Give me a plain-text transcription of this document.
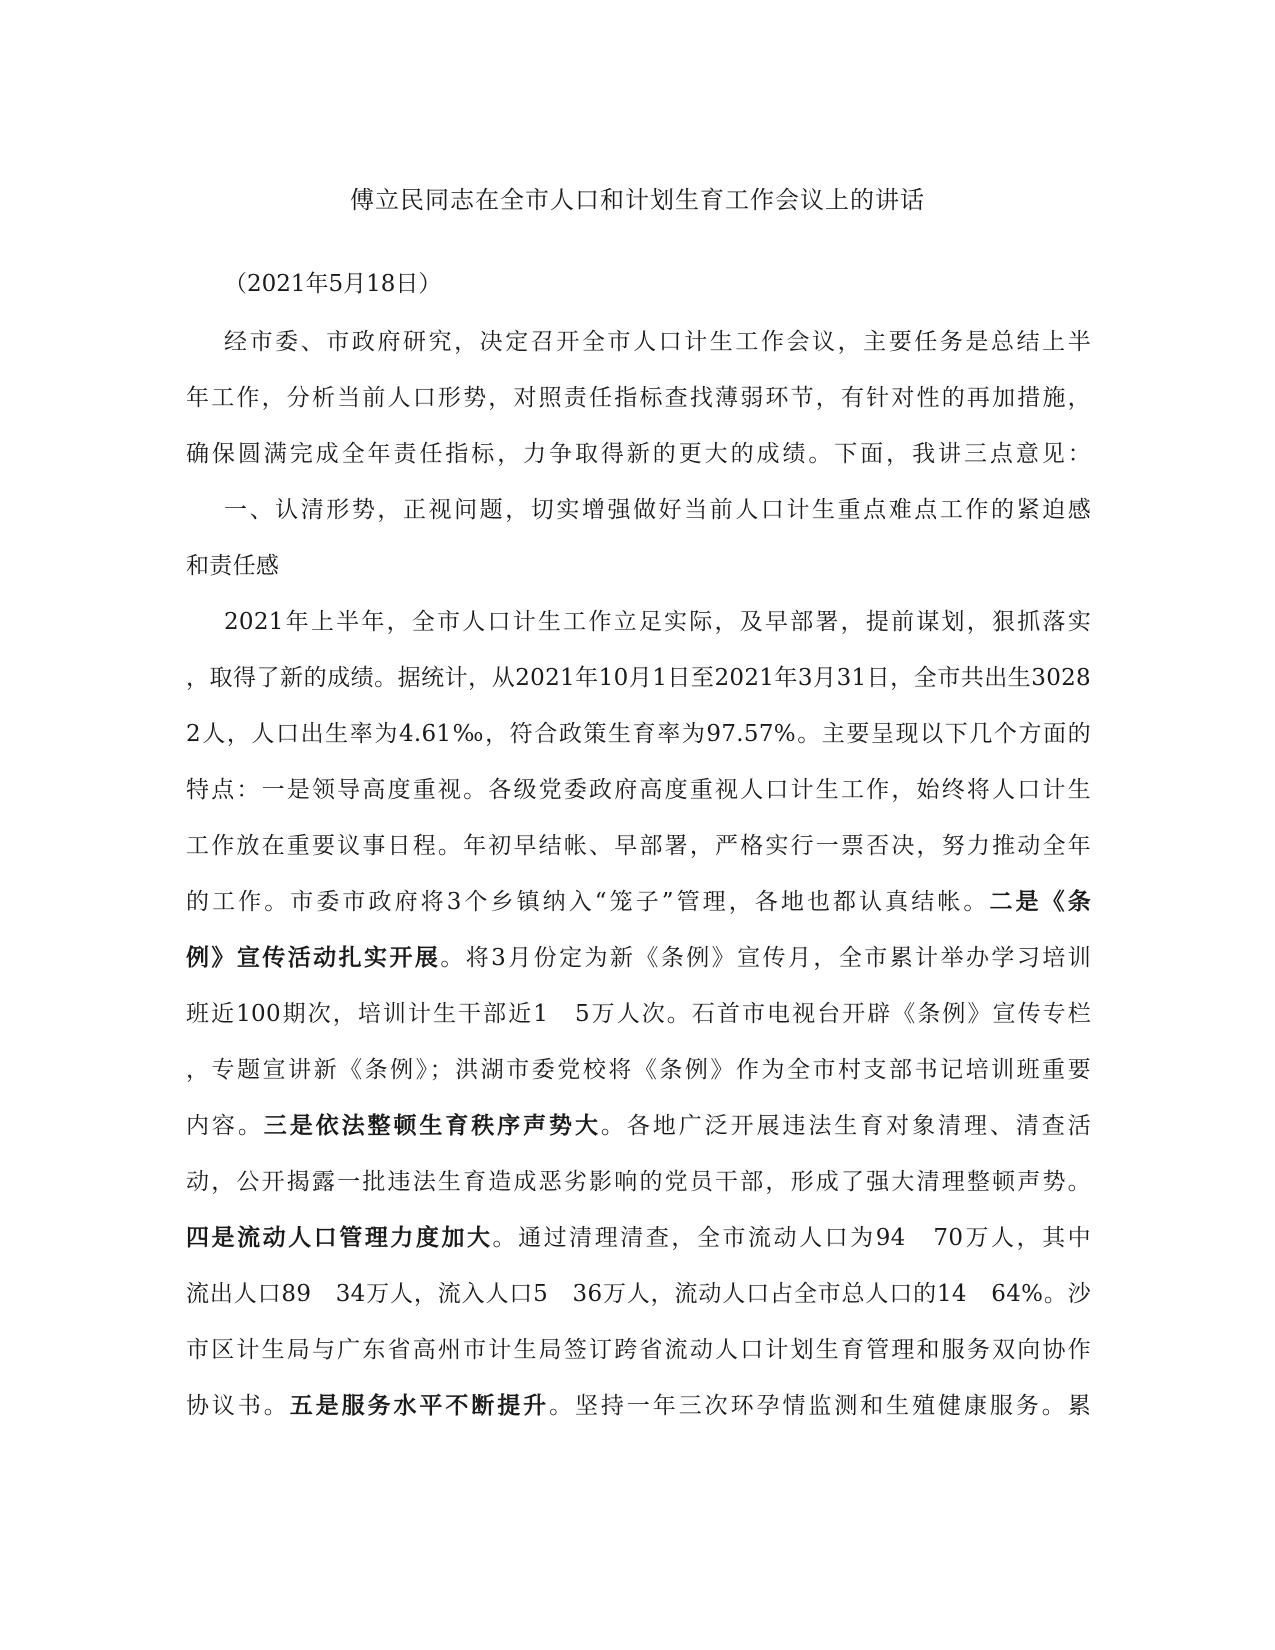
傅立民同志在全市人口和计划生育工作会议上的讲话

（2021年5月18日）

经市委、市政府研究，决定召开全市人口计生工作会议，主要任务是总结上半

年工作，分析当前人口形势，对照责任指标查找薄弱环节，有针对性的再加措施，

确保圆满完成全年责任指标，力争取得新的更大的成绩。下面，我讲三点意见：

一、认清形势，正视问题，切实增强做好当前人口计生重点难点工作的紧迫感

和责任感

2021年上半年，全市人口计生工作立足实际，及早部署，提前谋划，狠抓落实

，取得了新的成绩。据统计，从2021年10月1日至2021年3月31日，全市共出生3028

2人，人口出生率为4.61‰，符合政策生育率为97.57%。主要呈现以下几个方面的

特点：一是领导高度重视。各级党委政府高度重视人口计生工作，始终将人口计生

工作放在重要议事日程。年初早结帐、早部署，严格实行一票否决，努力推动全年

的工作。市委市政府将3个乡镇纳入“笼子”管理，各地也都认真结帐。二是《条

例》宣传活动扎实开展。将3月份定为新《条例》宣传月，全市累计举办学习培训

班近100期次，培训计生干部近1　5万人次。石首市电视台开辟《条例》宣传专栏

，专题宣讲新《条例》；洪湖市委党校将《条例》作为全市村支部书记培训班重要

内容。三是依法整顿生育秩序声势大。各地广泛开展违法生育对象清理、清查活

动，公开揭露一批违法生育造成恶劣影响的党员干部，形成了强大清理整顿声势。

四是流动人口管理力度加大。通过清理清查，全市流动人口为94　70万人，其中

流出人口89　34万人，流入人口5　36万人，流动人口占全市总人口的14　64%。沙

市区计生局与广东省高州市计生局签订跨省流动人口计划生育管理和服务双向协作

协议书。五是服务水平不断提升。坚持一年三次环孕情监测和生殖健康服务。累
